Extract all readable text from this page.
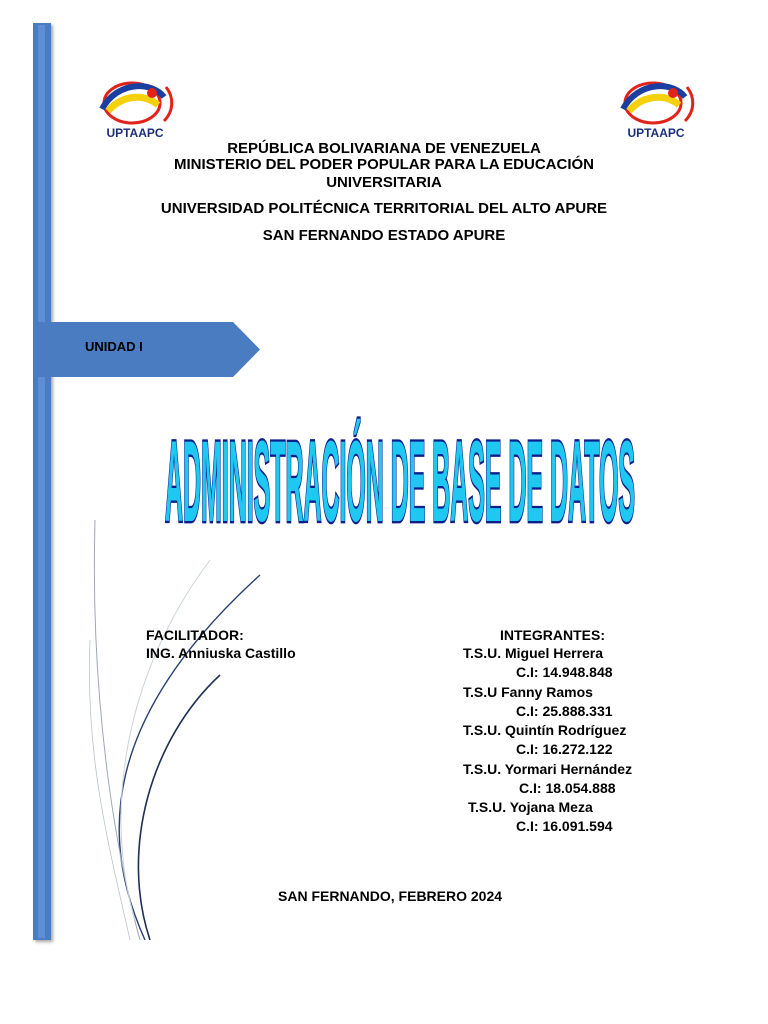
UPTAAPC	UPTAAPC
REPÚBLICA BOLIVARIANA DE VENEZUELA
MINISTERIO DEL PODER POPULAR PARA LA EDUCACIÓN
UNIVERSITARIA
UNIVERSIDAD POLITÉCNICA TERRITORIAL DEL ALTO APURE
SAN FERNANDO ESTADO APURE
UNIDAD I
ADMINISTRACIÓN DE BASE DE DATOS
FACILITADOR:
ING. Anniuska Castillo
INTEGRANTES:
T.S.U. Miguel Herrera
C.I: 14.948.848
T.S.U Fanny Ramos
C.I: 25.888.331
T.S.U. Quintín Rodríguez
C.I: 16.272.122
T.S.U. Yormari Hernández
C.I: 18.054.888
T.S.U. Yojana Meza
C.I: 16.091.594
SAN FERNANDO, FEBRERO 2024
